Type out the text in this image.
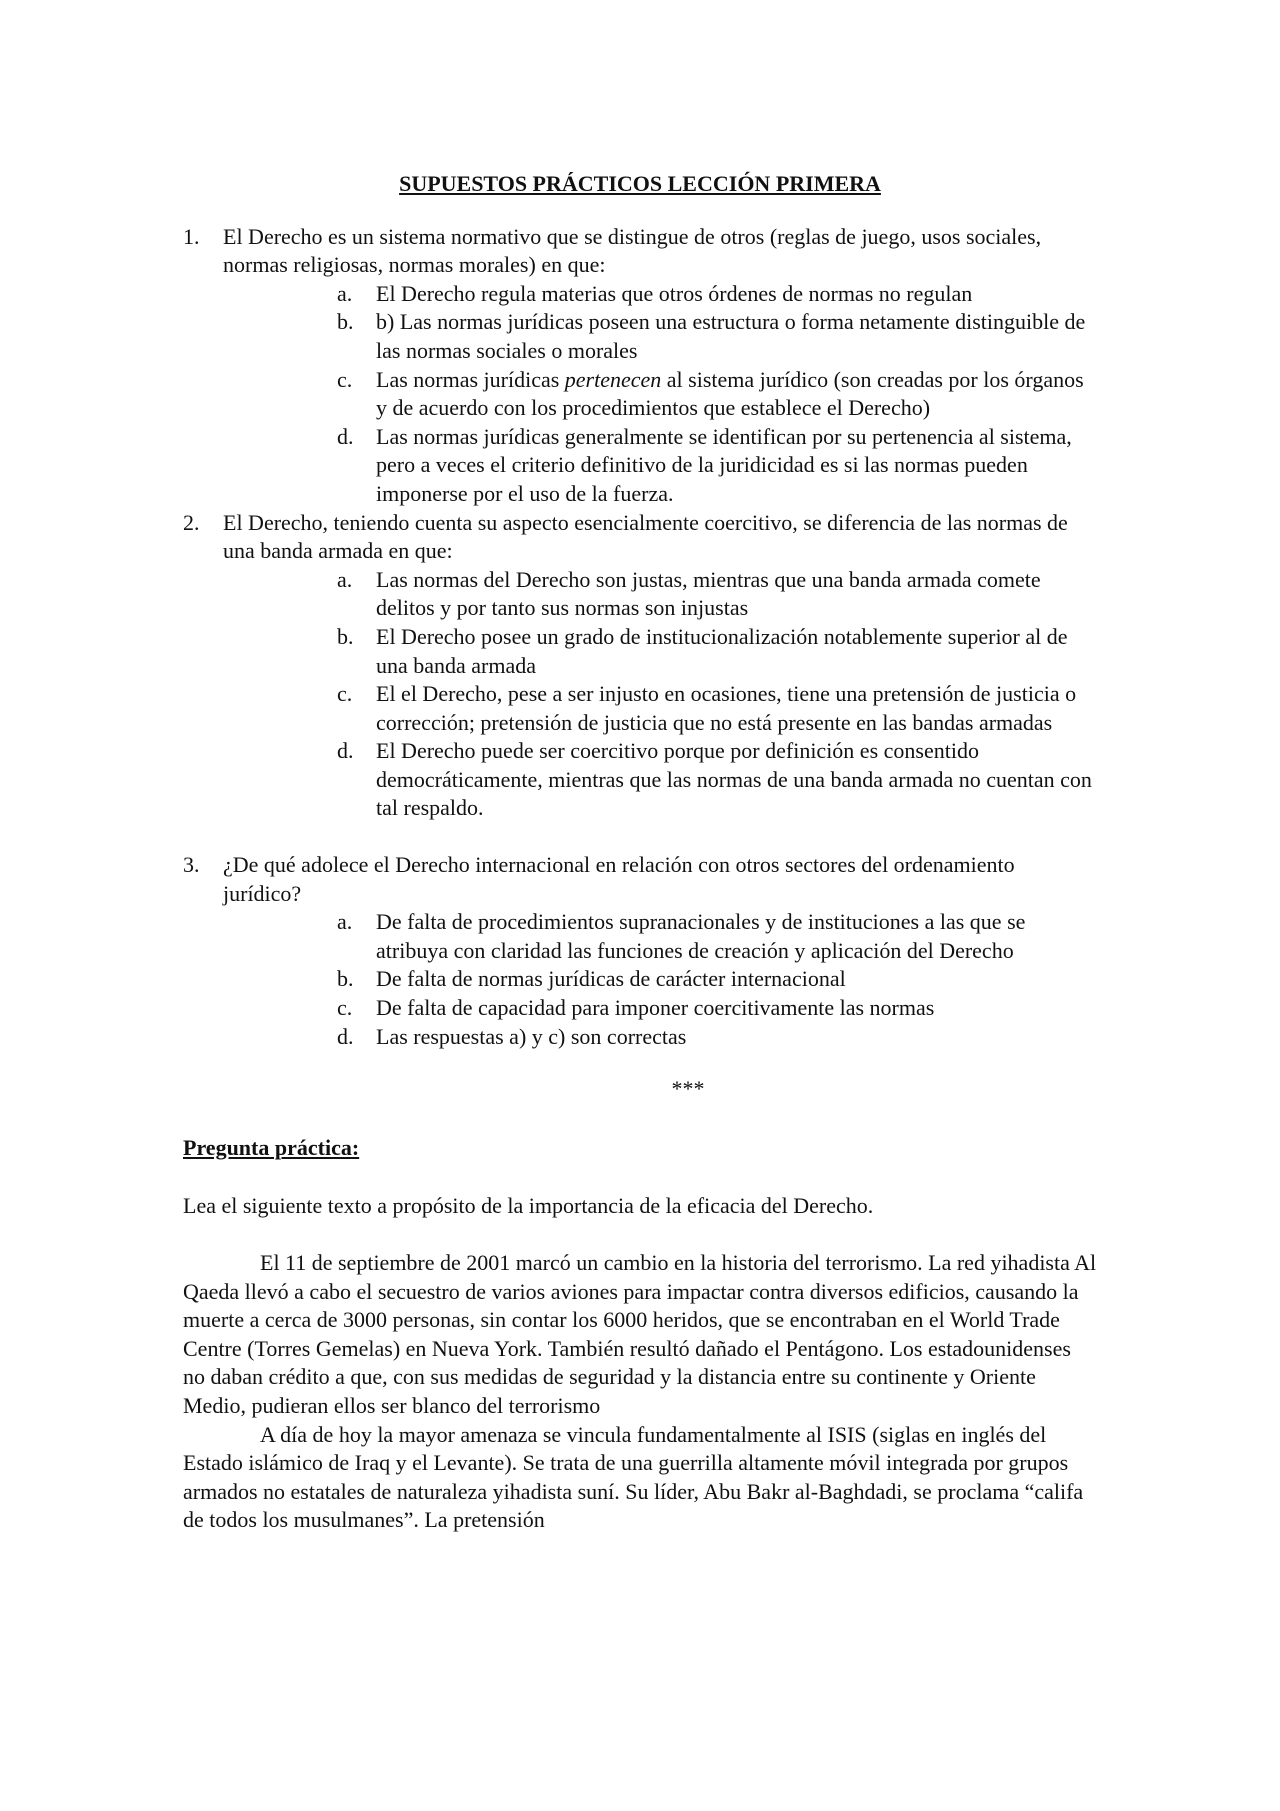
SUPUESTOS PRÁCTICOS LECCIÓN PRIMERA
1. El Derecho es un sistema normativo que se distingue de otros (reglas de juego, usos sociales, normas religiosas, normas morales) en que:
a. El Derecho regula materias que otros órdenes de normas no regulan
b. b) Las normas jurídicas poseen una estructura o forma netamente distinguible de las normas sociales o morales
c. Las normas jurídicas pertenecen al sistema jurídico (son creadas por los órganos y de acuerdo con los procedimientos que establece el Derecho)
d. Las normas jurídicas generalmente se identifican por su pertenencia al sistema, pero a veces el criterio definitivo de la juridicidad es si las normas pueden imponerse por el uso de la fuerza.
2. El Derecho, teniendo cuenta su aspecto esencialmente coercitivo, se diferencia de las normas de una banda armada en que:
a. Las normas del Derecho son justas, mientras que una banda armada comete delitos y por tanto sus normas son injustas
b. El Derecho posee un grado de institucionalización notablemente superior al de una banda armada
c. El el Derecho, pese a ser injusto en ocasiones, tiene una pretensión de justicia o corrección; pretensión de justicia que no está presente en las bandas armadas
d. El Derecho puede ser coercitivo porque por definición es consentido democráticamente, mientras que las normas de una banda armada no cuentan con tal respaldo.
3. ¿De qué adolece el Derecho internacional en relación con otros sectores del ordenamiento jurídico?
a. De falta de procedimientos supranacionales y de instituciones a las que se atribuya con claridad las funciones de creación y aplicación del Derecho
b. De falta de normas jurídicas de carácter internacional
c. De falta de capacidad para imponer coercitivamente las normas
d. Las respuestas a) y c) son correctas
***
Pregunta práctica:

Lea el siguiente texto a propósito de la importancia de la eficacia del Derecho.

El 11 de septiembre de 2001 marcó un cambio en la historia del terrorismo. La red yihadista Al Qaeda llevó a cabo el secuestro de varios aviones para impactar contra diversos edificios, causando la muerte a cerca de 3000 personas, sin contar los 6000 heridos, que se encontraban en el World Trade Centre (Torres Gemelas) en Nueva York. También resultó dañado el Pentágono. Los estadounidenses no daban crédito a que, con sus medidas de seguridad y la distancia entre su continente y Oriente Medio, pudieran ellos ser blanco del terrorismo

A día de hoy la mayor amenaza se vincula fundamentalmente al ISIS (siglas en inglés del Estado islámico de Iraq y el Levante). Se trata de una guerrilla altamente móvil integrada por grupos armados no estatales de naturaleza yihadista suní. Su líder, Abu Bakr al-Baghdadi, se proclama “califa de todos los musulmanes”. La pretensión
